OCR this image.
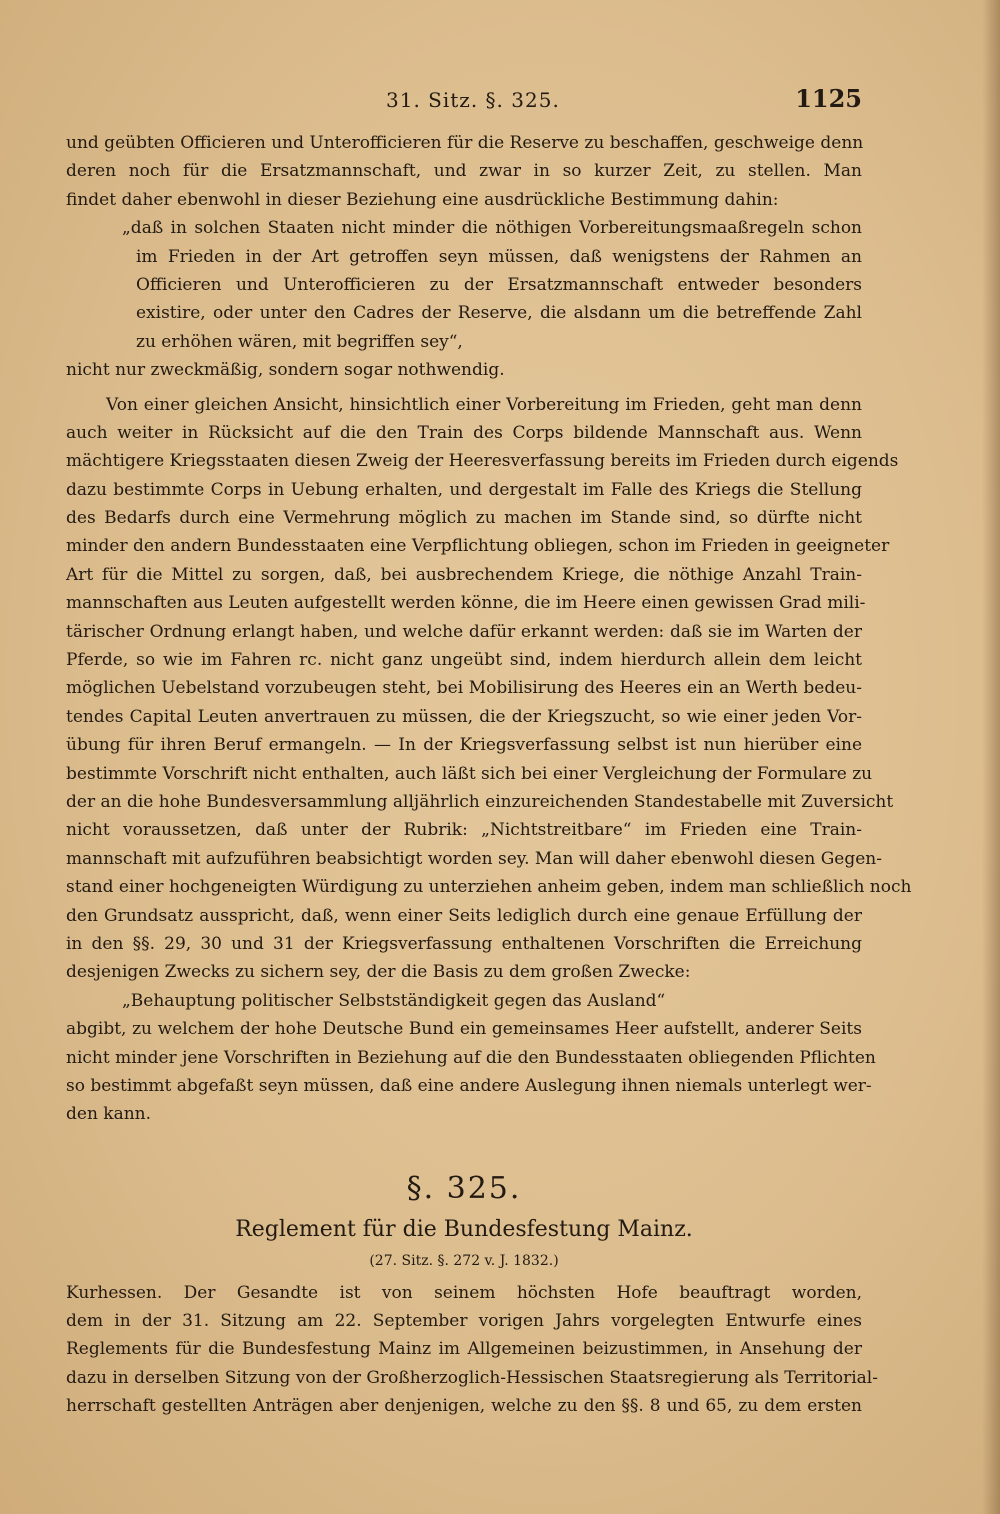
31. Sitz. §. 325.	1125
und geübten Officieren und Unterofficieren für die Reserve zu beschaffen, geschweige denn
deren noch für die Ersatzmannschaft, und zwar in so kurzer Zeit, zu stellen. Man
findet daher ebenwohl in dieser Beziehung eine ausdrückliche Bestimmung dahin:
„daß in solchen Staaten nicht minder die nöthigen Vorbereitungsmaaßregeln schon
im Frieden in der Art getroffen seyn müssen, daß wenigstens der Rahmen an
Officieren und Unterofficieren zu der Ersatzmannschaft entweder besonders
existire, oder unter den Cadres der Reserve, die alsdann um die betreffende Zahl
zu erhöhen wären, mit begriffen sey“,
nicht nur zweckmäßig, sondern sogar nothwendig.
Von einer gleichen Ansicht, hinsichtlich einer Vorbereitung im Frieden, geht man denn
auch weiter in Rücksicht auf die den Train des Corps bildende Mannschaft aus. Wenn
mächtigere Kriegsstaaten diesen Zweig der Heeresverfassung bereits im Frieden durch eigends
dazu bestimmte Corps in Uebung erhalten, und dergestalt im Falle des Kriegs die Stellung
des Bedarfs durch eine Vermehrung möglich zu machen im Stande sind, so dürfte nicht
minder den andern Bundesstaaten eine Verpflichtung obliegen, schon im Frieden in geeigneter
Art für die Mittel zu sorgen, daß, bei ausbrechendem Kriege, die nöthige Anzahl Train-
mannschaften aus Leuten aufgestellt werden könne, die im Heere einen gewissen Grad mili-
tärischer Ordnung erlangt haben, und welche dafür erkannt werden: daß sie im Warten der
Pferde, so wie im Fahren rc. nicht ganz ungeübt sind, indem hierdurch allein dem leicht
möglichen Uebelstand vorzubeugen steht, bei Mobilisirung des Heeres ein an Werth bedeu-
tendes Capital Leuten anvertrauen zu müssen, die der Kriegszucht, so wie einer jeden Vor-
übung für ihren Beruf ermangeln. — In der Kriegsverfassung selbst ist nun hierüber eine
bestimmte Vorschrift nicht enthalten, auch läßt sich bei einer Vergleichung der Formulare zu
der an die hohe Bundesversammlung alljährlich einzureichenden Standestabelle mit Zuversicht
nicht voraussetzen, daß unter der Rubrik: „Nichtstreitbare“ im Frieden eine Train-
mannschaft mit aufzuführen beabsichtigt worden sey. Man will daher ebenwohl diesen Gegen-
stand einer hochgeneigten Würdigung zu unterziehen anheim geben, indem man schließlich noch
den Grundsatz ausspricht, daß, wenn einer Seits lediglich durch eine genaue Erfüllung der
in den §§. 29, 30 und 31 der Kriegsverfassung enthaltenen Vorschriften die Erreichung
desjenigen Zwecks zu sichern sey, der die Basis zu dem großen Zwecke:
„Behauptung politischer Selbstständigkeit gegen das Ausland“
abgibt, zu welchem der hohe Deutsche Bund ein gemeinsames Heer aufstellt, anderer Seits
nicht minder jene Vorschriften in Beziehung auf die den Bundesstaaten obliegenden Pflichten
so bestimmt abgefaßt seyn müssen, daß eine andere Auslegung ihnen niemals unterlegt wer-
den kann.
§. 325.
Reglement für die Bundesfestung Mainz.
(27. Sitz. §. 272 v. J. 1832.)
Kurhessen. Der Gesandte ist von seinem höchsten Hofe beauftragt worden,
dem in der 31. Sitzung am 22. September vorigen Jahrs vorgelegten Entwurfe eines
Reglements für die Bundesfestung Mainz im Allgemeinen beizustimmen, in Ansehung der
dazu in derselben Sitzung von der Großherzoglich-Hessischen Staatsregierung als Territorial-
herrschaft gestellten Anträgen aber denjenigen, welche zu den §§. 8 und 65, zu dem ersten
